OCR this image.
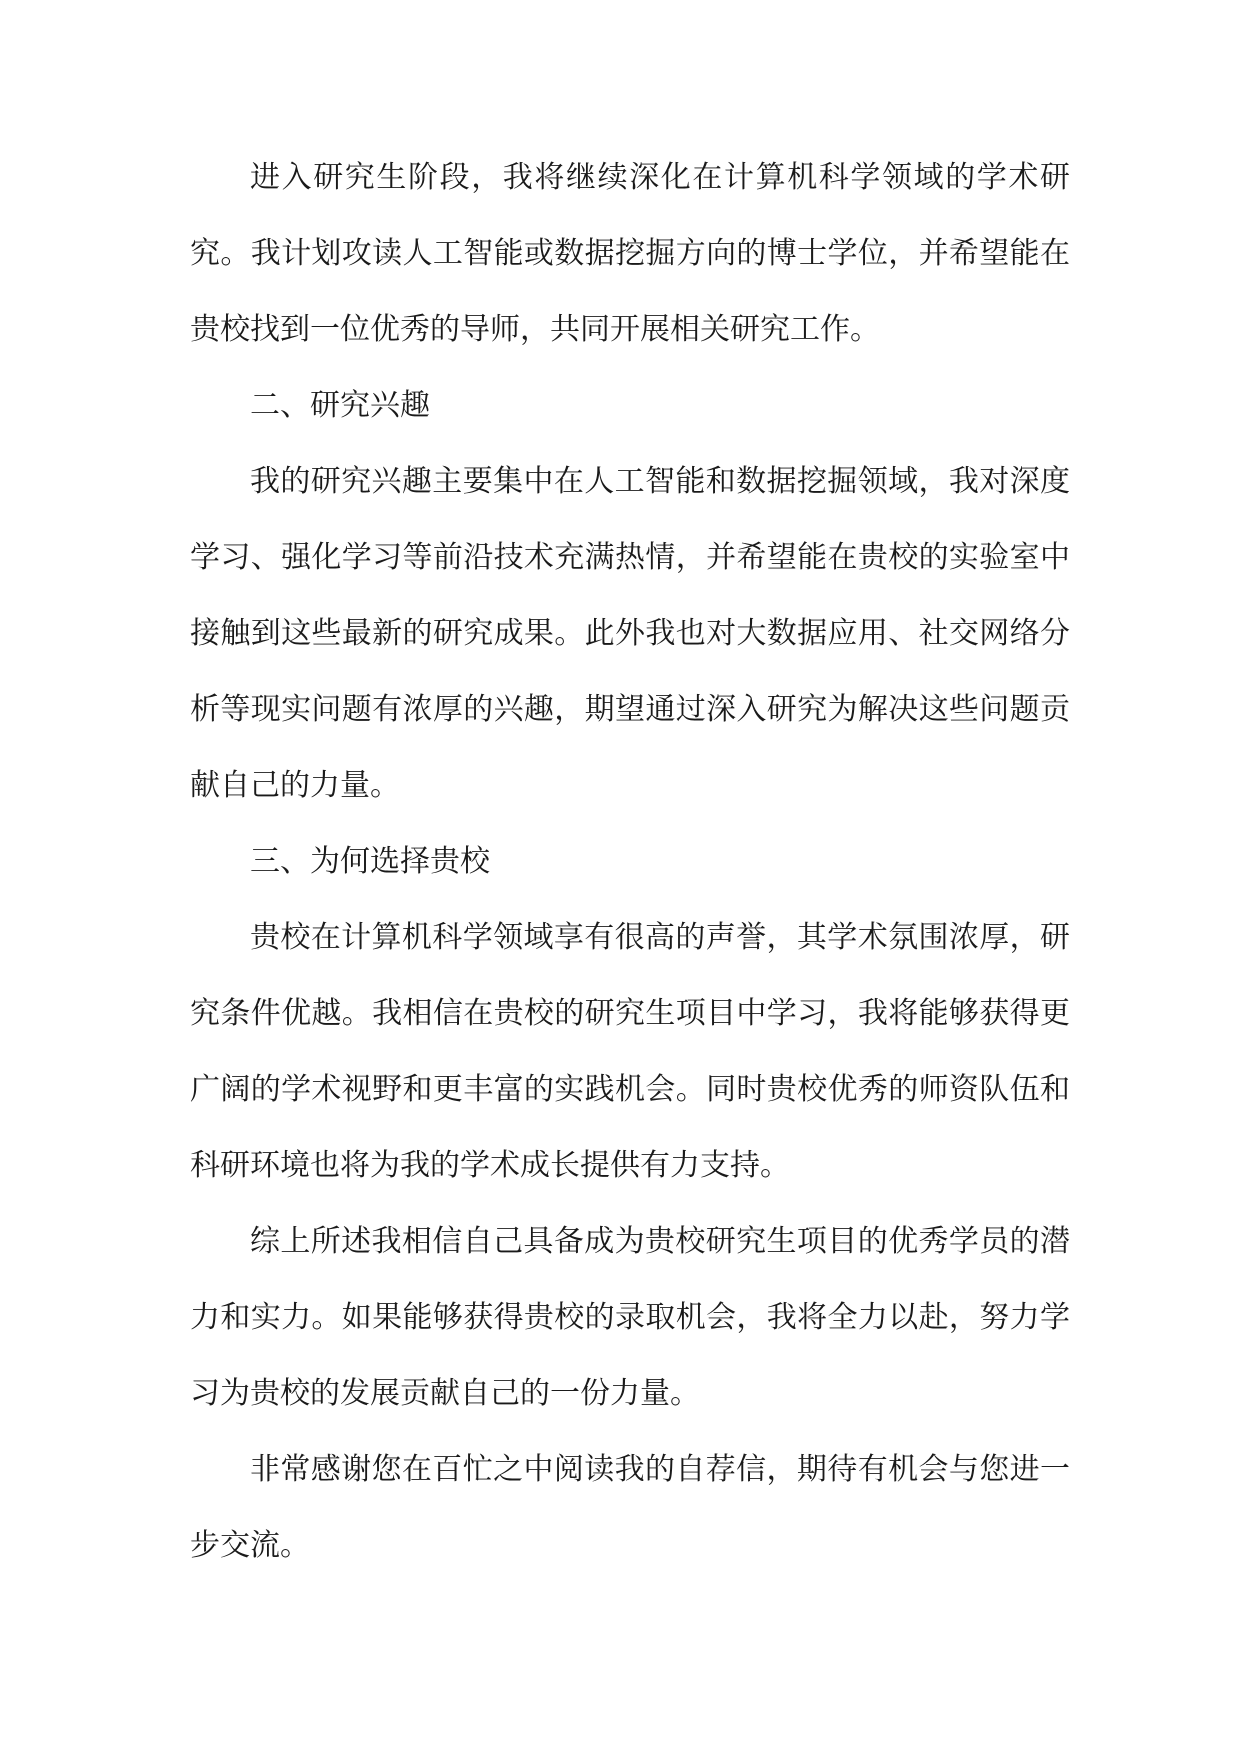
进入研究生阶段，我将继续深化在计算机科学领域的学术研究。我计划攻读人工智能或数据挖掘方向的博士学位，并希望能在贵校找到一位优秀的导师，共同开展相关研究工作。

二、研究兴趣

我的研究兴趣主要集中在人工智能和数据挖掘领域，我对深度学习、强化学习等前沿技术充满热情，并希望能在贵校的实验室中接触到这些最新的研究成果。此外我也对大数据应用、社交网络分析等现实问题有浓厚的兴趣，期望通过深入研究为解决这些问题贡献自己的力量。

三、为何选择贵校

贵校在计算机科学领域享有很高的声誉，其学术氛围浓厚，研究条件优越。我相信在贵校的研究生项目中学习，我将能够获得更广阔的学术视野和更丰富的实践机会。同时贵校优秀的师资队伍和科研环境也将为我的学术成长提供有力支持。

综上所述我相信自己具备成为贵校研究生项目的优秀学员的潜力和实力。如果能够获得贵校的录取机会，我将全力以赴，努力学习为贵校的发展贡献自己的一份力量。

非常感谢您在百忙之中阅读我的自荐信，期待有机会与您进一步交流。
